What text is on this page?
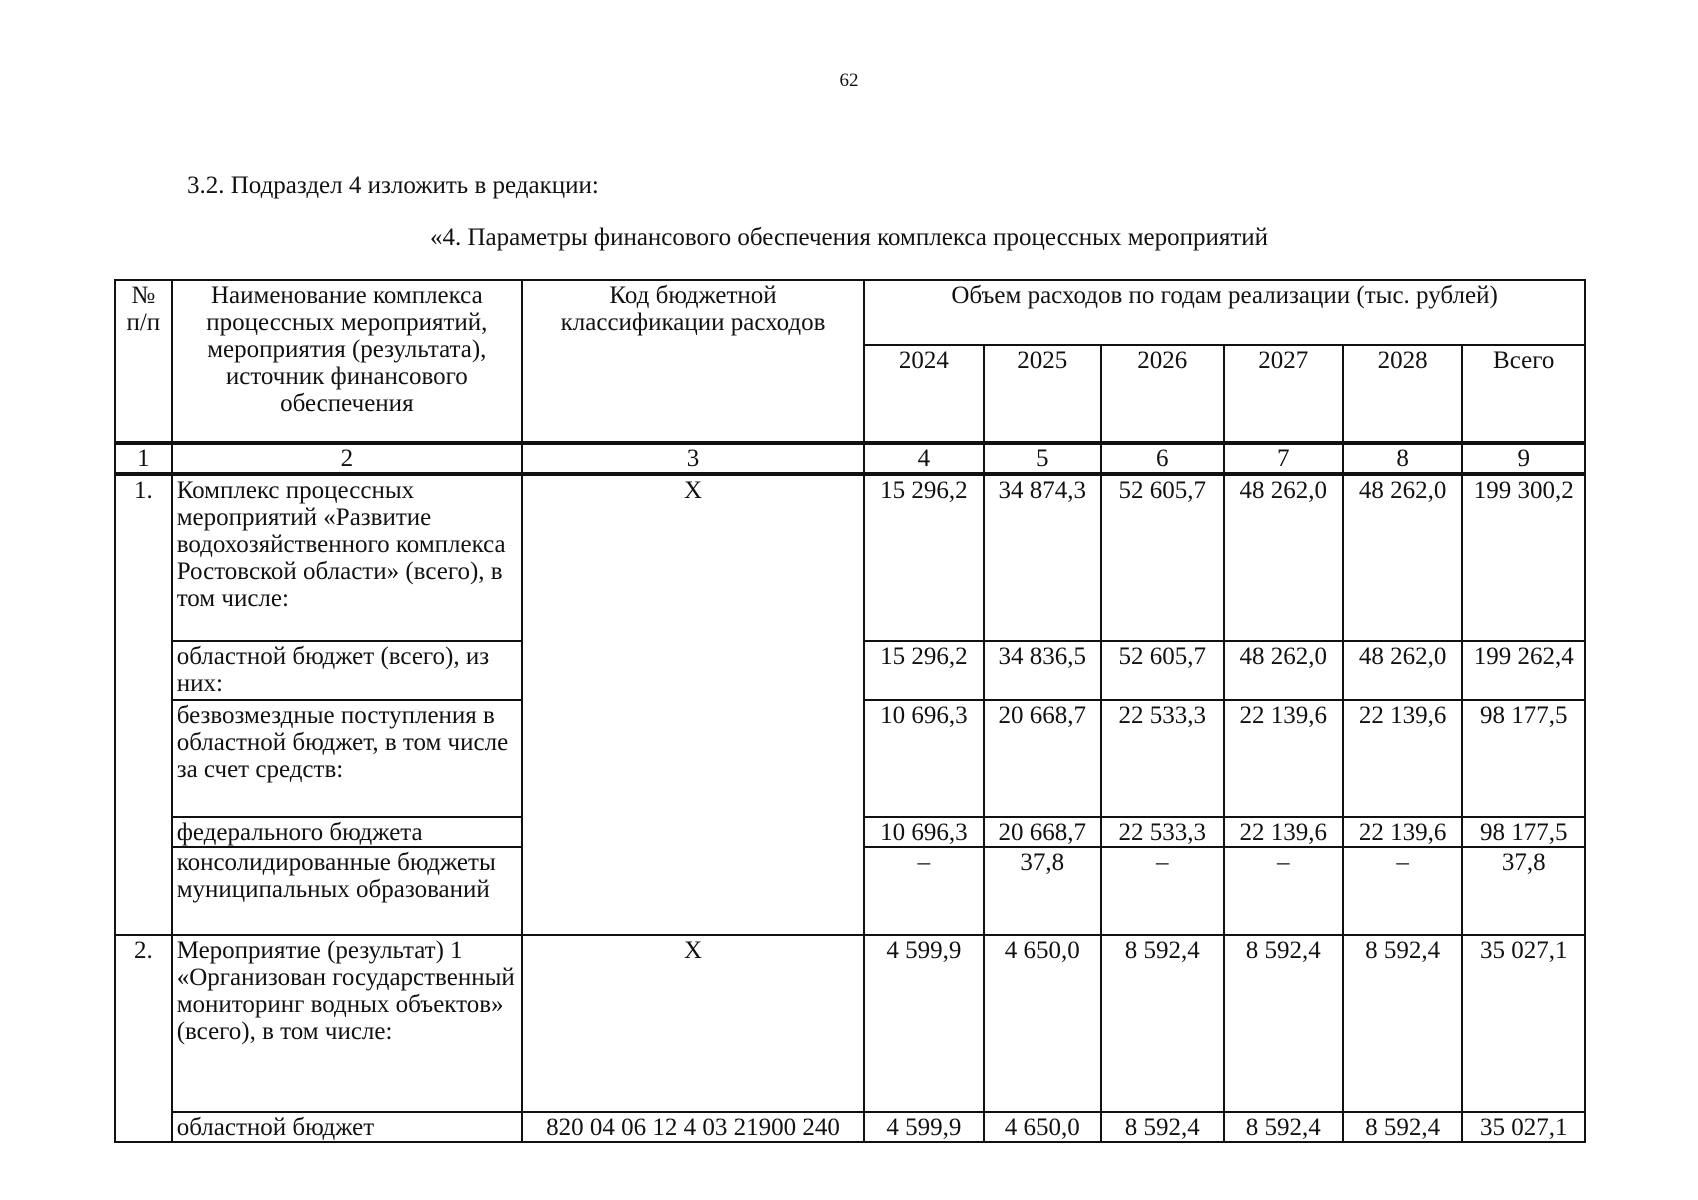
62
3.2. Подраздел 4 изложить в редакции:
«4. Параметры финансового обеспечения комплекса процессных мероприятий
№ п/п	Наименование комплекса процессных мероприятий, мероприятия (результата), источник финансового обеспечения	Код бюджетной классификации расходов	Объем расходов по годам реализации (тыс. рублей)					
			2024	2025	2026	2027	2028	Всего
1	2	3	4	5	6	7	8	9
1.	Комплекс процессных мероприятий «Развитие водохозяйственного комплекса Ростовской области» (всего), в том числе:	Х	15 296,2	34 874,3	52 605,7	48 262,0	48 262,0	199 300,2
	областной бюджет (всего), из них:		15 296,2	34 836,5	52 605,7	48 262,0	48 262,0	199 262,4
	безвозмездные поступления в областной бюджет, в том числе за счет средств:		10 696,3	20 668,7	22 533,3	22 139,6	22 139,6	98 177,5
	федерального бюджета		10 696,3	20 668,7	22 533,3	22 139,6	22 139,6	98 177,5
	консолидированные бюджеты муниципальных образований		–	37,8	–	–	–	37,8
2.	Мероприятие (результат) 1 «Организован государственный мониторинг водных объектов» (всего), в том числе:	Х	4 599,9	4 650,0	8 592,4	8 592,4	8 592,4	35 027,1
	областной бюджет	820 04 06 12 4 03 21900 240	4 599,9	4 650,0	8 592,4	8 592,4	8 592,4	35 027,1
